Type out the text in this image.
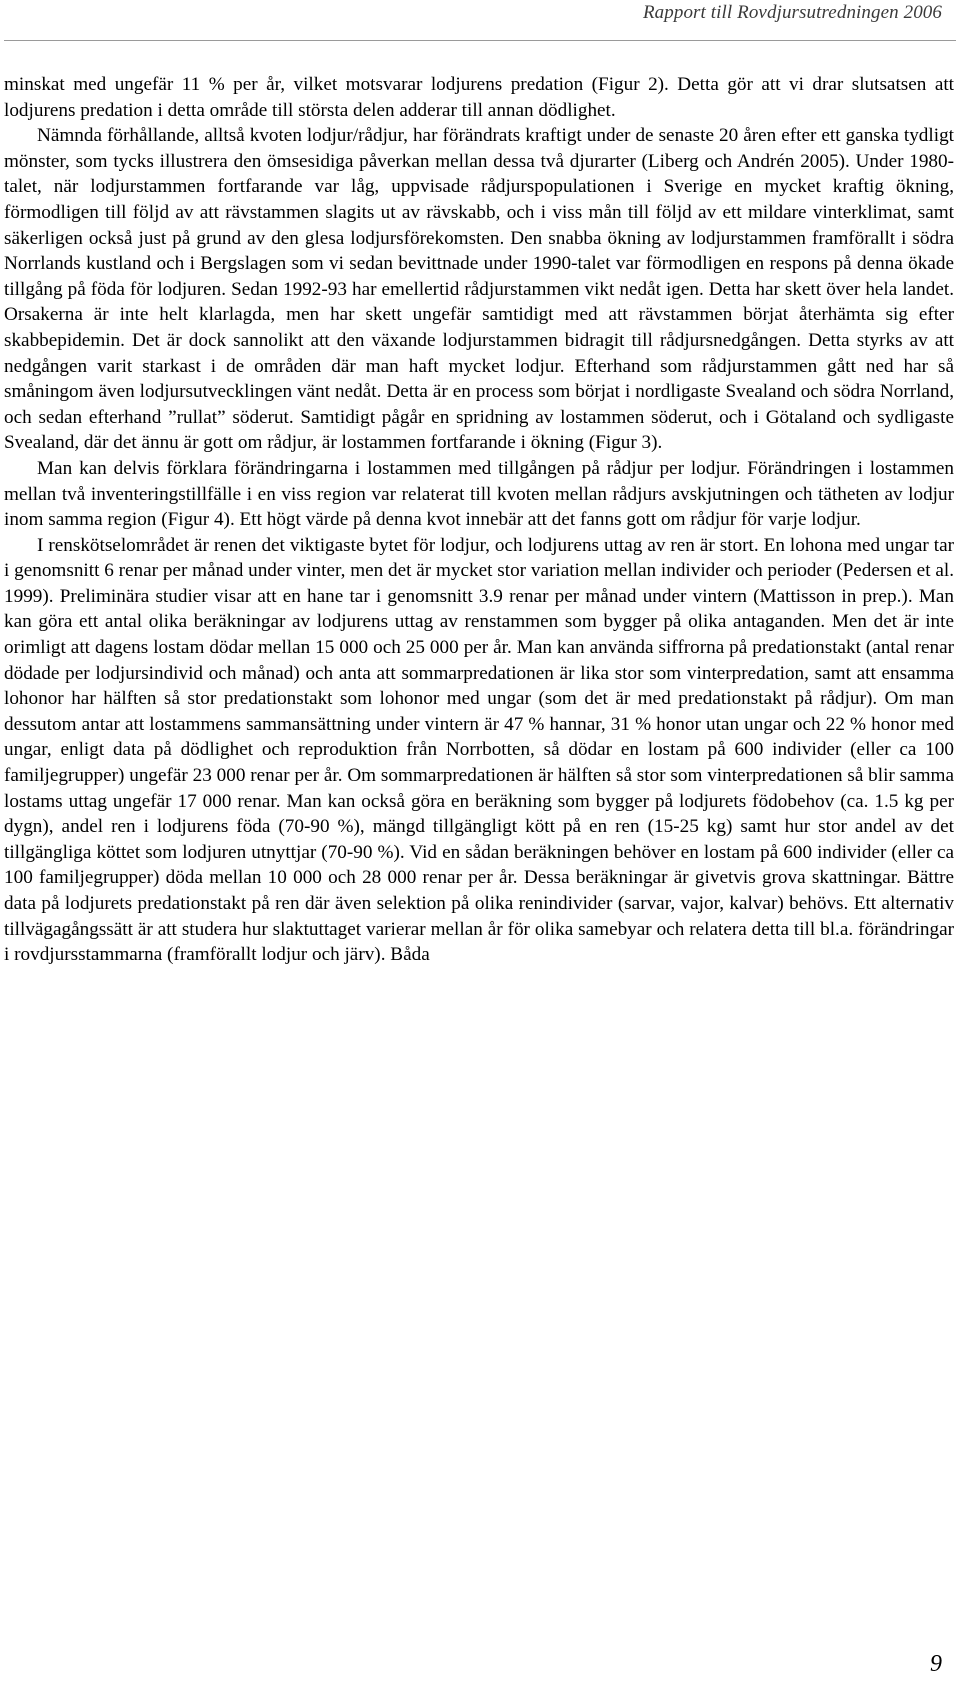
Rapport till Rovdjursutredningen 2006

minskat med ungefär 11 % per år, vilket motsvarar lodjurens predation (Figur 2). Detta gör att vi drar slutsatsen att lodjurens predation i detta område till största delen adderar till annan dödlighet.

Nämnda förhållande, alltså kvoten lodjur/rådjur, har förändrats kraftigt under de senaste 20 åren efter ett ganska tydligt mönster, som tycks illustrera den ömsesidiga påverkan mellan dessa två djurarter (Liberg och Andrén 2005). Under 1980-talet, när lodjurstammen fortfarande var låg, uppvisade rådjurspopulationen i Sverige en mycket kraftig ökning, förmodligen till följd av att rävstammen slagits ut av rävskabb, och i viss mån till följd av ett mildare vinterklimat, samt säkerligen också just på grund av den glesa lodjursförekomsten. Den snabba ökning av lodjurstammen framförallt i södra Norrlands kustland och i Bergslagen som vi sedan bevittnade under 1990-talet var förmodligen en respons på denna ökade tillgång på föda för lodjuren. Sedan 1992-93 har emellertid rådjurstammen vikt nedåt igen. Detta har skett över hela landet. Orsakerna är inte helt klarlagda, men har skett ungefär samtidigt med att rävstammen börjat återhämta sig efter skabbepidemin. Det är dock sannolikt att den växande lodjurstammen bidragit till rådjursnedgången. Detta styrks av att nedgången varit starkast i de områden där man haft mycket lodjur. Efterhand som rådjurstammen gått ned har så småningom även lodjursutvecklingen vänt nedåt. Detta är en process som börjat i nordligaste Svealand och södra Norrland, och sedan efterhand ”rullat” söderut. Samtidigt pågår en spridning av lostammen söderut, och i Götaland och sydligaste Svealand, där det ännu är gott om rådjur, är lostammen fortfarande i ökning (Figur 3).

Man kan delvis förklara förändringarna i lostammen med tillgången på rådjur per lodjur. Förändringen i lostammen mellan två inventeringstillfälle i en viss region var relaterat till kvoten mellan rådjurs avskjutningen och tätheten av lodjur inom samma region (Figur 4). Ett högt värde på denna kvot innebär att det fanns gott om rådjur för varje lodjur.

I renskötselområdet är renen det viktigaste bytet för lodjur, och lodjurens uttag av ren är stort. En lohona med ungar tar i genomsnitt 6 renar per månad under vinter, men det är mycket stor variation mellan individer och perioder (Pedersen et al. 1999). Preliminära studier visar att en hane tar i genomsnitt 3.9 renar per månad under vintern (Mattisson in prep.). Man kan göra ett antal olika beräkningar av lodjurens uttag av renstammen som bygger på olika antaganden. Men det är inte orimligt att dagens lostam dödar mellan 15 000 och 25 000 per år. Man kan använda siffrorna på predationstakt (antal renar dödade per lodjursindivid och månad) och anta att sommarpredationen är lika stor som vinterpredation, samt att ensamma lohonor har hälften så stor predationstakt som lohonor med ungar (som det är med predationstakt på rådjur). Om man dessutom antar att lostammens sammansättning under vintern är 47 % hannar, 31 % honor utan ungar och 22 % honor med ungar, enligt data på dödlighet och reproduktion från Norrbotten, så dödar en lostam på 600 individer (eller ca 100 familjegrupper) ungefär 23 000 renar per år. Om sommarpredationen är hälften så stor som vinterpredationen så blir samma lostams uttag ungefär 17 000 renar. Man kan också göra en beräkning som bygger på lodjurets födobehov (ca. 1.5 kg per dygn), andel ren i lodjurens föda (70-90 %), mängd tillgängligt kött på en ren (15-25 kg) samt hur stor andel av det tillgängliga köttet som lodjuren utnyttjar (70-90 %). Vid en sådan beräkningen behöver en lostam på 600 individer (eller ca 100 familjegrupper) döda mellan 10 000 och 28 000 renar per år. Dessa beräkningar är givetvis grova skattningar. Bättre data på lodjurets predationstakt på ren där även selektion på olika renindivider (sarvar, vajor, kalvar) behövs. Ett alternativ tillvägagångssätt är att studera hur slaktuttaget varierar mellan år för olika samebyar och relatera detta till bl.a. förändringar i rovdjursstammarna (framförallt lodjur och järv). Båda

9
